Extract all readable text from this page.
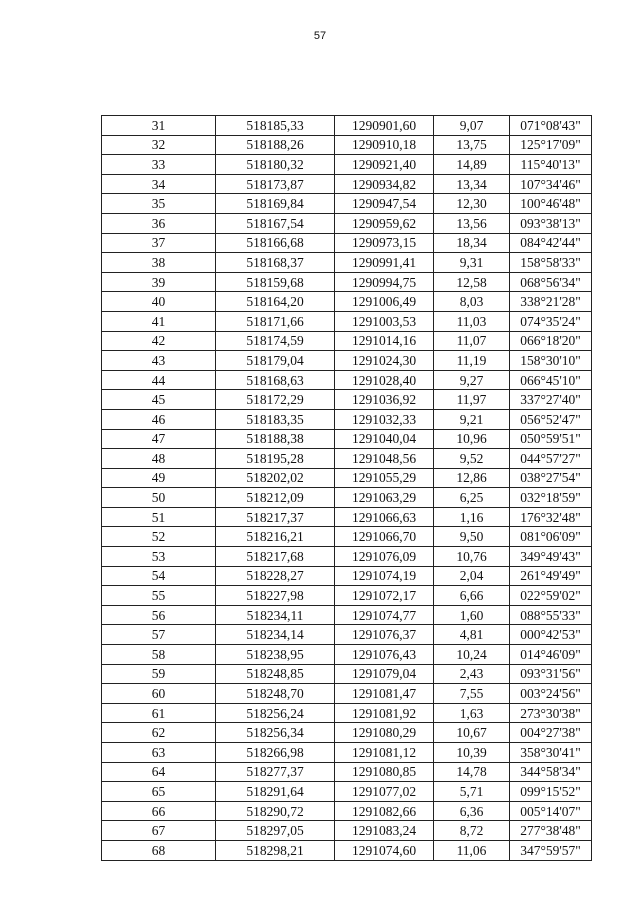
57
31	518185,33	1290901,60	9,07	071°08'43"
32	518188,26	1290910,18	13,75	125°17'09"
33	518180,32	1290921,40	14,89	115°40'13"
34	518173,87	1290934,82	13,34	107°34'46"
35	518169,84	1290947,54	12,30	100°46'48"
36	518167,54	1290959,62	13,56	093°38'13"
37	518166,68	1290973,15	18,34	084°42'44"
38	518168,37	1290991,41	9,31	158°58'33"
39	518159,68	1290994,75	12,58	068°56'34"
40	518164,20	1291006,49	8,03	338°21'28"
41	518171,66	1291003,53	11,03	074°35'24"
42	518174,59	1291014,16	11,07	066°18'20"
43	518179,04	1291024,30	11,19	158°30'10"
44	518168,63	1291028,40	9,27	066°45'10"
45	518172,29	1291036,92	11,97	337°27'40"
46	518183,35	1291032,33	9,21	056°52'47"
47	518188,38	1291040,04	10,96	050°59'51"
48	518195,28	1291048,56	9,52	044°57'27"
49	518202,02	1291055,29	12,86	038°27'54"
50	518212,09	1291063,29	6,25	032°18'59"
51	518217,37	1291066,63	1,16	176°32'48"
52	518216,21	1291066,70	9,50	081°06'09"
53	518217,68	1291076,09	10,76	349°49'43"
54	518228,27	1291074,19	2,04	261°49'49"
55	518227,98	1291072,17	6,66	022°59'02"
56	518234,11	1291074,77	1,60	088°55'33"
57	518234,14	1291076,37	4,81	000°42'53"
58	518238,95	1291076,43	10,24	014°46'09"
59	518248,85	1291079,04	2,43	093°31'56"
60	518248,70	1291081,47	7,55	003°24'56"
61	518256,24	1291081,92	1,63	273°30'38"
62	518256,34	1291080,29	10,67	004°27'38"
63	518266,98	1291081,12	10,39	358°30'41"
64	518277,37	1291080,85	14,78	344°58'34"
65	518291,64	1291077,02	5,71	099°15'52"
66	518290,72	1291082,66	6,36	005°14'07"
67	518297,05	1291083,24	8,72	277°38'48"
68	518298,21	1291074,60	11,06	347°59'57"
